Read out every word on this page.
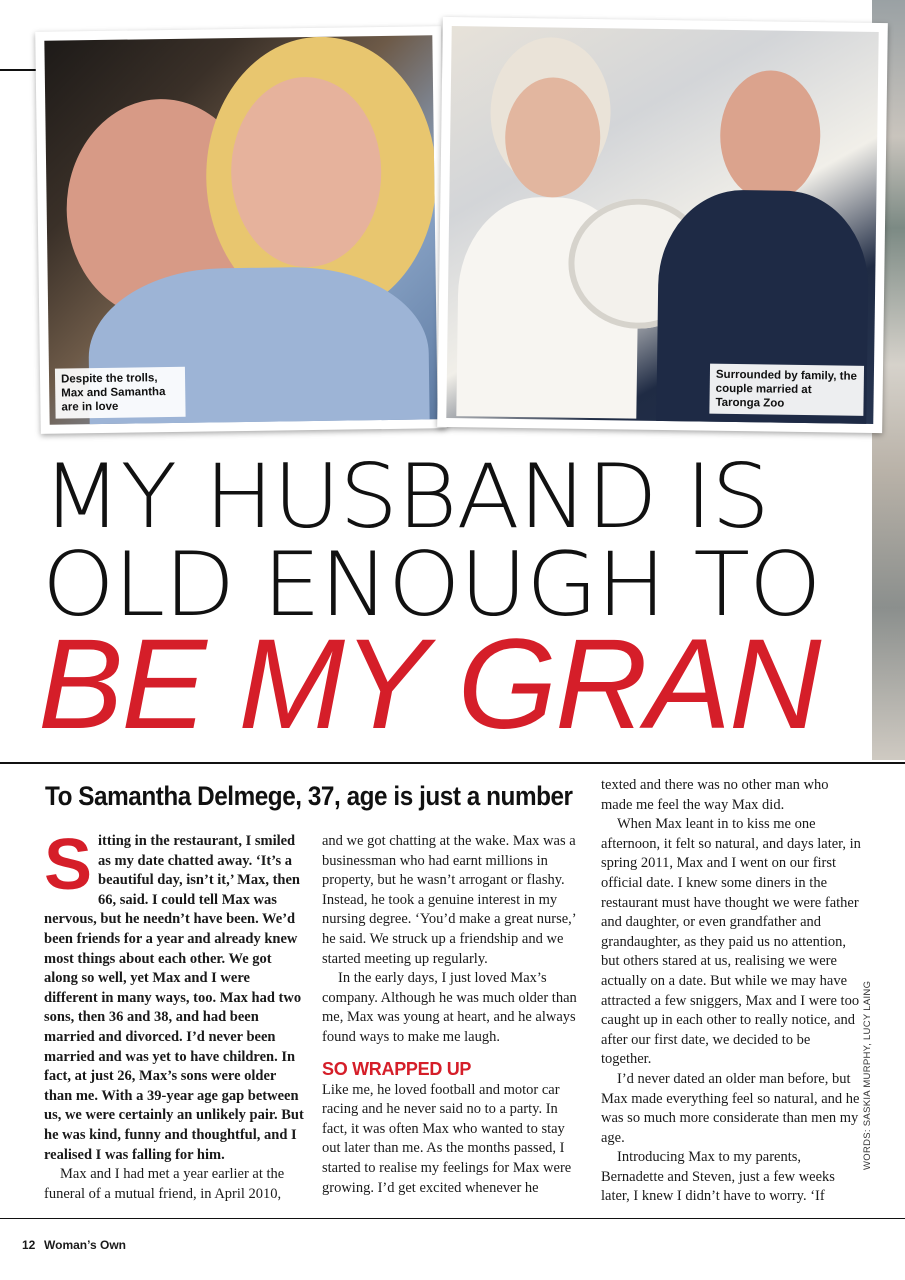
Despite the trolls, Max and Samantha are in love
Surrounded by family, the couple married at Taronga Zoo
MY HUSBAND IS
OLD ENOUGH TO
BE MY GRAN
To Samantha Delmege, 37, age is just a number

Sitting in the restaurant, I smiled as my date chatted away. ‘It’s a beautiful day, isn’t it,’ Max, then 66, said. I could tell Max was nervous, but he needn’t have been. We’d been friends for a year and already knew most things about each other. We got along so well, yet Max and I were different in many ways, too. Max had two sons, then 36 and 38, and had been married and divorced. I’d never been married and was yet to have children. In fact, at just 26, Max’s sons were older than me. With a 39-year age gap between us, we were certainly an unlikely pair. But he was kind, funny and thoughtful, and I realised I was falling for him.

Max and I had met a year earlier at the funeral of a mutual friend, in April 2010,

and we got chatting at the wake. Max was a businessman who had earnt millions in property, but he wasn’t arrogant or flashy. Instead, he took a genuine interest in my nursing degree. ‘You’d make a great nurse,’ he said. We struck up a friendship and we started meeting up regularly.

In the early days, I just loved Max’s company. Although he was much older than me, Max was young at heart, and he always found ways to make me laugh.

SO WRAPPED UP

Like me, he loved football and motor car racing and he never said no to a party. In fact, it was often Max who wanted to stay out later than me. As the months passed, I started to realise my feelings for Max were growing. I’d get excited whenever he

texted and there was no other man who made me feel the way Max did.

When Max leant in to kiss me one afternoon, it felt so natural, and days later, in spring 2011, Max and I went on our first official date. I knew some diners in the restaurant must have thought we were father and daughter, or even grandfather and grandaughter, as they paid us no attention, but others stared at us, realising we were actually on a date. But while we may have attracted a few sniggers, Max and I were too caught up in each other to really notice, and after our first date, we decided to be together.

I’d never dated an older man before, but Max made everything feel so natural, and he was so much more considerate than men my age.

Introducing Max to my parents, Bernadette and Steven, just a few weeks later, I knew I didn’t have to worry. ‘If

WORDS: SASKIA MURPHY, LUCY LAING
12 Woman’s Own
